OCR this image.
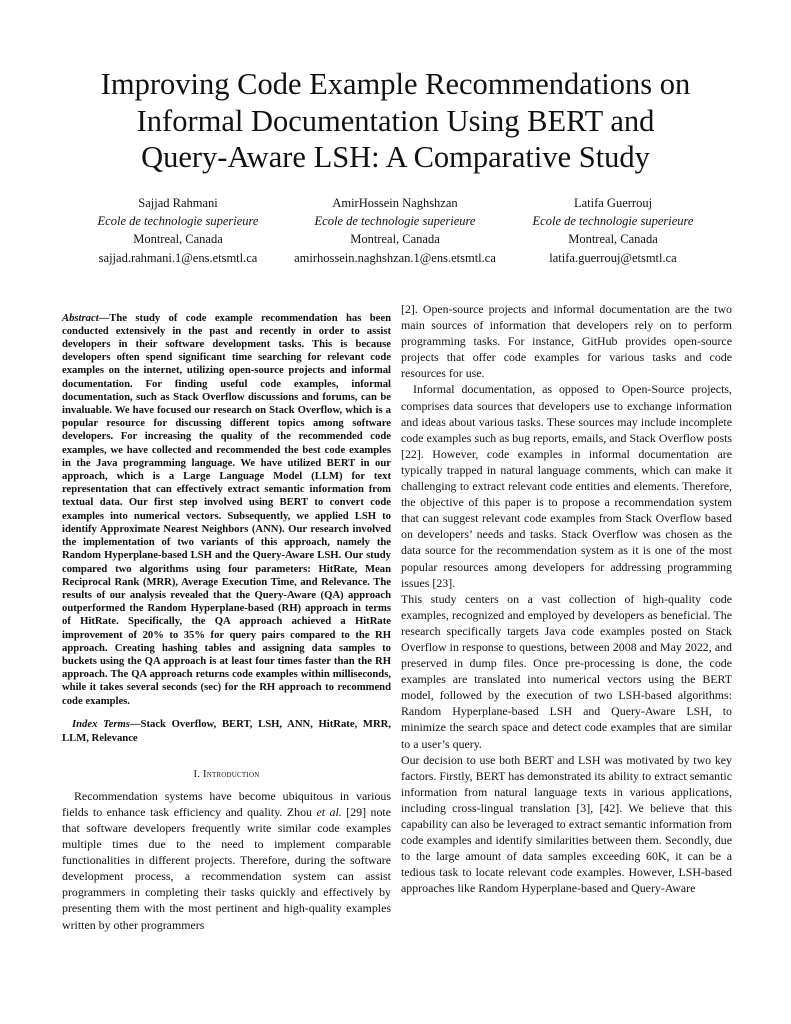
Improving Code Example Recommendations on
Informal Documentation Using BERT and
Query-Aware LSH: A Comparative Study
Sajjad Rahmani
Ecole de technologie superieure
Montreal, Canada
sajjad.rahmani.1@ens.etsmtl.ca
AmirHossein Naghshzan
Ecole de technologie superieure
Montreal, Canada
amirhossein.naghshzan.1@ens.etsmtl.ca
Latifa Guerrouj
Ecole de technologie superieure
Montreal, Canada
latifa.guerrouj@etsmtl.ca

Abstract—The study of code example recommendation has been conducted extensively in the past and recently in order to assist developers in their software development tasks. This is because developers often spend significant time searching for relevant code examples on the internet, utilizing open-source projects and informal documentation. For finding useful code examples, informal documentation, such as Stack Overflow discussions and forums, can be invaluable. We have focused our research on Stack Overflow, which is a popular resource for discussing different topics among software developers. For increasing the quality of the recommended code examples, we have collected and recommended the best code examples in the Java programming language. We have utilized BERT in our approach, which is a Large Language Model (LLM) for text representation that can effectively extract semantic information from textual data. Our first step involved using BERT to convert code examples into numerical vectors. Subsequently, we applied LSH to identify Approximate Nearest Neighbors (ANN). Our research involved the implementation of two variants of this approach, namely the Random Hyperplane-based LSH and the Query-Aware LSH. Our study compared two algorithms using four parameters: HitRate, Mean Reciprocal Rank (MRR), Average Execution Time, and Relevance. The results of our analysis revealed that the Query-Aware (QA) approach outperformed the Random Hyperplane-based (RH) approach in terms of HitRate. Specifically, the QA approach achieved a HitRate improvement of 20% to 35% for query pairs compared to the RH approach. Creating hashing tables and assigning data samples to buckets using the QA approach is at least four times faster than the RH approach. The QA approach returns code examples within milliseconds, while it takes several seconds (sec) for the RH approach to recommend code examples.

Index Terms—Stack Overflow, BERT, LSH, ANN, HitRate, MRR, LLM, Relevance

I. Introduction

Recommendation systems have become ubiquitous in various fields to enhance task efficiency and quality. Zhou et al. [29] note that software developers frequently write similar code examples multiple times due to the need to implement comparable functionalities in different projects. Therefore, during the software development process, a recommendation system can assist programmers in completing their tasks quickly and effectively by presenting them with the most pertinent and high-quality examples written by other programmers

[2]. Open-source projects and informal documentation are the two main sources of information that developers rely on to perform programming tasks. For instance, GitHub provides open-source projects that offer code examples for various tasks and code resources for use.

Informal documentation, as opposed to Open-Source projects, comprises data sources that developers use to exchange information and ideas about various tasks. These sources may include incomplete code examples such as bug reports, emails, and Stack Overflow posts [22]. However, code examples in informal documentation are typically trapped in natural language comments, which can make it challenging to extract relevant code entities and elements. Therefore, the objective of this paper is to propose a recommendation system that can suggest relevant code examples from Stack Overflow based on developers’ needs and tasks. Stack Overflow was chosen as the data source for the recommendation system as it is one of the most popular resources among developers for addressing programming issues [23].

This study centers on a vast collection of high-quality code examples, recognized and employed by developers as beneficial. The research specifically targets Java code examples posted on Stack Overflow in response to questions, between 2008 and May 2022, and preserved in dump files. Once pre-processing is done, the code examples are translated into numerical vectors using the BERT model, followed by the execution of two LSH-based algorithms: Random Hyperplane-based LSH and Query-Aware LSH, to minimize the search space and detect code examples that are similar to a user’s query.

Our decision to use both BERT and LSH was motivated by two key factors. Firstly, BERT has demonstrated its ability to extract semantic information from natural language texts in various applications, including cross-lingual translation [3], [42]. We believe that this capability can also be leveraged to extract semantic information from code examples and identify similarities between them. Secondly, due to the large amount of data samples exceeding 60K, it can be a tedious task to locate relevant code examples. However, LSH-based approaches like Random Hyperplane-based and Query-Aware
